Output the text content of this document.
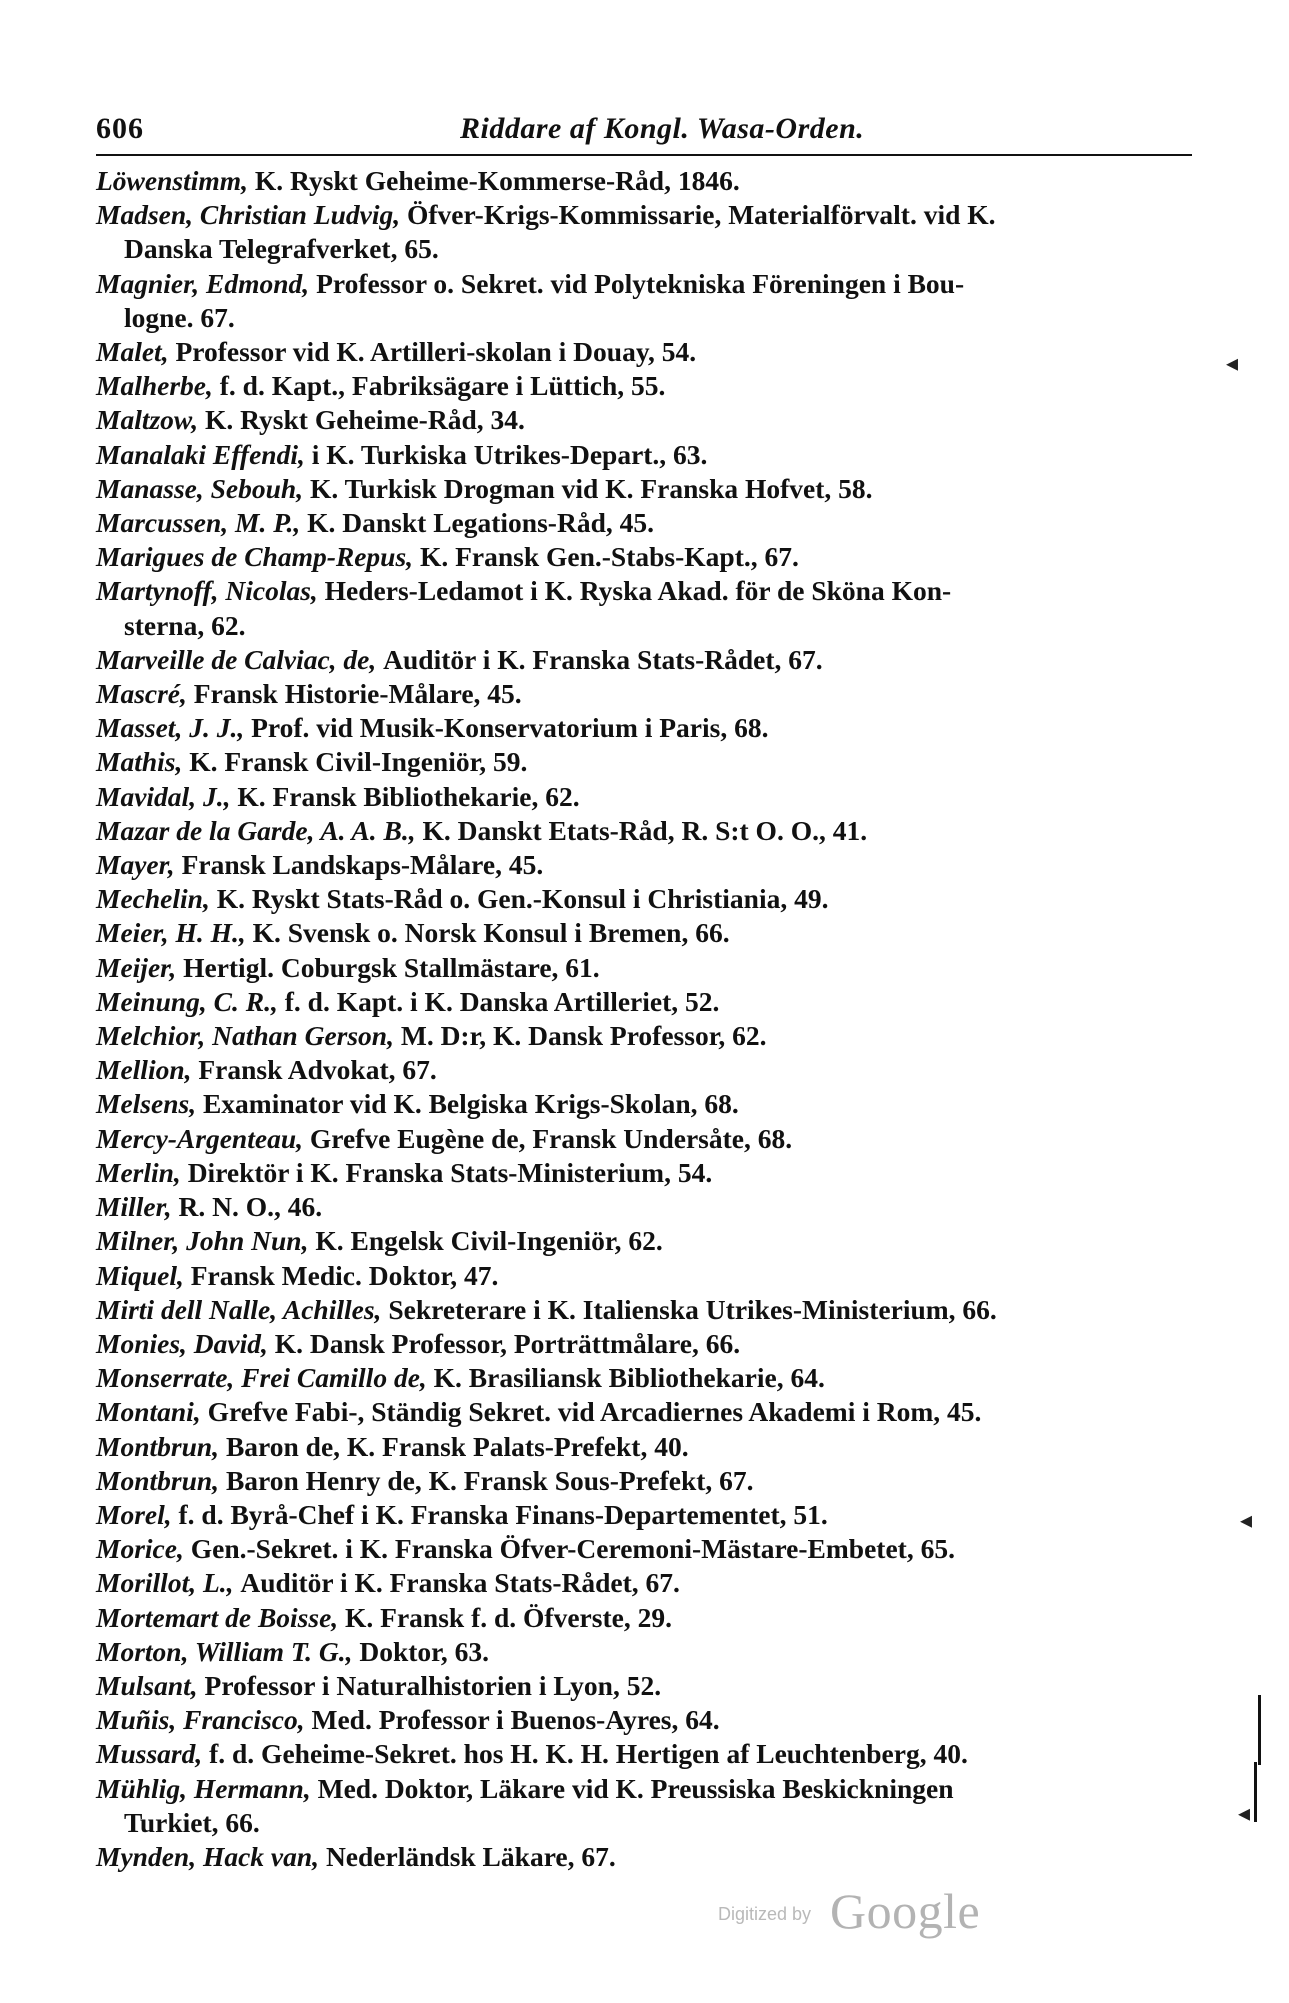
606	Riddare af Kongl. Wasa-Orden.
Löwenstimm, K. Ryskt Geheime-Kommerse-Råd, 1846.
Madsen, Christian Ludvig, Öfver-Krigs-Kommissarie, Materialförvalt. vid K.
Danska Telegrafverket, 65.
Magnier, Edmond, Professor o. Sekret. vid Polytekniska Föreningen i Bou-
logne. 67.
Malet, Professor vid K. Artilleri-skolan i Douay, 54.
Malherbe, f. d. Kapt., Fabriksägare i Lüttich, 55.
Maltzow, K. Ryskt Geheime-Råd, 34.
Manalaki Effendi, i K. Turkiska Utrikes-Depart., 63.
Manasse, Sebouh, K. Turkisk Drogman vid K. Franska Hofvet, 58.
Marcussen, M. P., K. Danskt Legations-Råd, 45.
Marigues de Champ-Repus, K. Fransk Gen.-Stabs-Kapt., 67.
Martynoff, Nicolas, Heders-Ledamot i K. Ryska Akad. för de Sköna Kon-
sterna, 62.
Marveille de Calviac, de, Auditör i K. Franska Stats-Rådet, 67.
Mascré, Fransk Historie-Målare, 45.
Masset, J. J., Prof. vid Musik-Konservatorium i Paris, 68.
Mathis, K. Fransk Civil-Ingeniör, 59.
Mavidal, J., K. Fransk Bibliothekarie, 62.
Mazar de la Garde, A. A. B., K. Danskt Etats-Råd, R. S:t O. O., 41.
Mayer, Fransk Landskaps-Målare, 45.
Mechelin, K. Ryskt Stats-Råd o. Gen.-Konsul i Christiania, 49.
Meier, H. H., K. Svensk o. Norsk Konsul i Bremen, 66.
Meijer, Hertigl. Coburgsk Stallmästare, 61.
Meinung, C. R., f. d. Kapt. i K. Danska Artilleriet, 52.
Melchior, Nathan Gerson, M. D:r, K. Dansk Professor, 62.
Mellion, Fransk Advokat, 67.
Melsens, Examinator vid K. Belgiska Krigs-Skolan, 68.
Mercy-Argenteau, Grefve Eugène de, Fransk Undersåte, 68.
Merlin, Direktör i K. Franska Stats-Ministerium, 54.
Miller, R. N. O., 46.
Milner, John Nun, K. Engelsk Civil-Ingeniör, 62.
Miquel, Fransk Medic. Doktor, 47.
Mirti dell Nalle, Achilles, Sekreterare i K. Italienska Utrikes-Ministerium, 66.
Monies, David, K. Dansk Professor, Porträttmålare, 66.
Monserrate, Frei Camillo de, K. Brasiliansk Bibliothekarie, 64.
Montani, Grefve Fabi-, Ständig Sekret. vid Arcadiernes Akademi i Rom, 45.
Montbrun, Baron de, K. Fransk Palats-Prefekt, 40.
Montbrun, Baron Henry de, K. Fransk Sous-Prefekt, 67.
Morel, f. d. Byrå-Chef i K. Franska Finans-Departementet, 51.
Morice, Gen.-Sekret. i K. Franska Öfver-Ceremoni-Mästare-Embetet, 65.
Morillot, L., Auditör i K. Franska Stats-Rådet, 67.
Mortemart de Boisse, K. Fransk f. d. Öfverste, 29.
Morton, William T. G., Doktor, 63.
Mulsant, Professor i Naturalhistorien i Lyon, 52.
Muñis, Francisco, Med. Professor i Buenos-Ayres, 64.
Mussard, f. d. Geheime-Sekret. hos H. K. H. Hertigen af Leuchtenberg, 40.
Mühlig, Hermann, Med. Doktor, Läkare vid K. Preussiska Beskickningen
Turkiet, 66.
Mynden, Hack van, Nederländsk Läkare, 67.
◂
◂
◂
Digitized by Google
